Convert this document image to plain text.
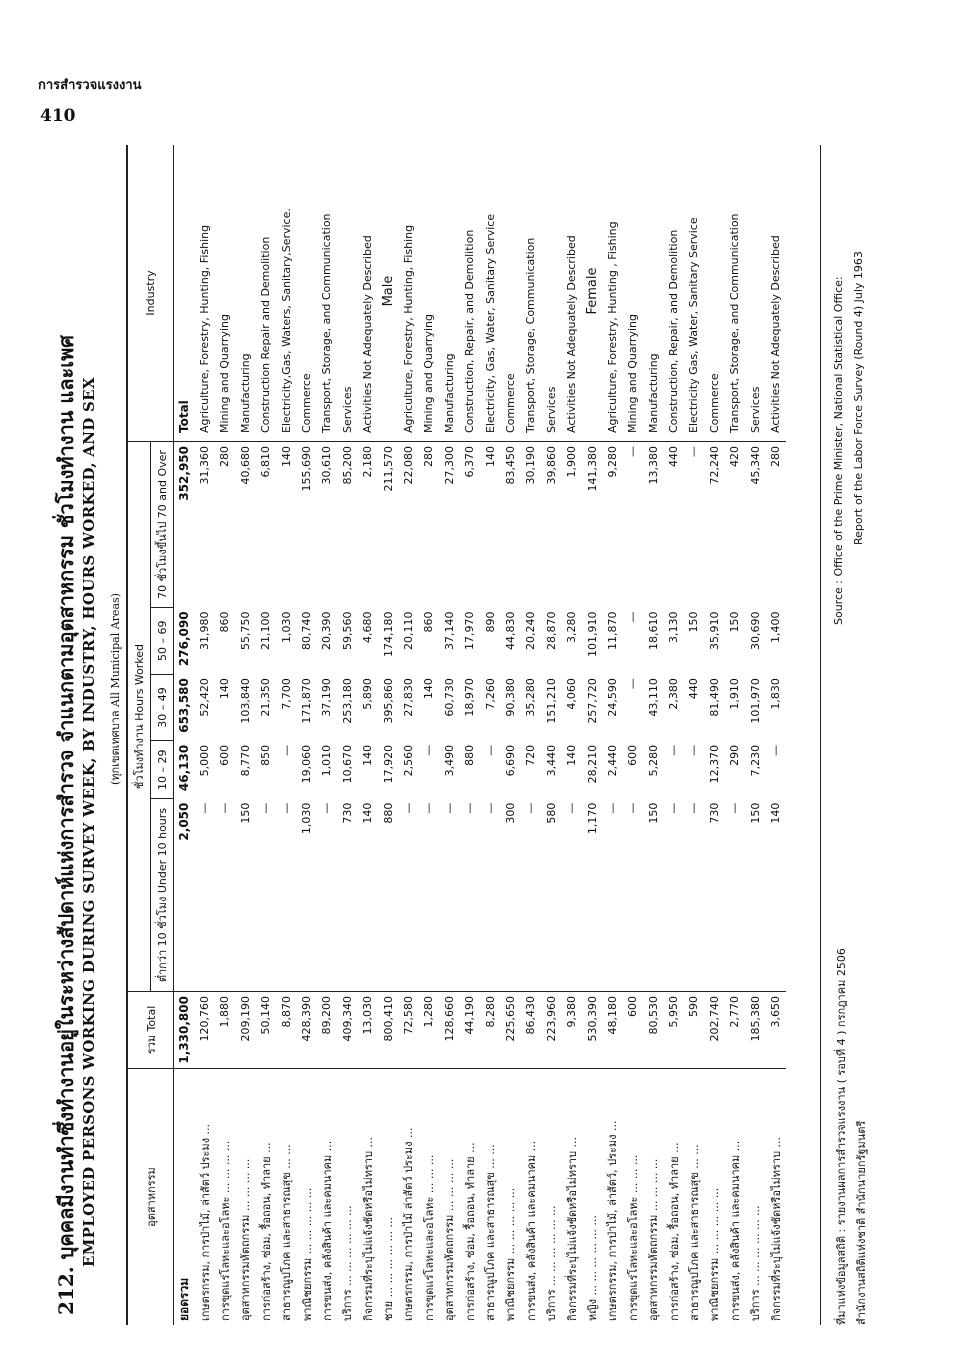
การสำรวจแรงงาน
410
212. บุคคลมีงานทำซึ่งทำงานอยู่ในระหว่างสัปดาห์แห่งการสำรวจ จำแนกตามอุตสาหกรรม ชั่วโมงทำงาน และเพศ EMPLOYED PERSONS WORKING DURING SURVEY WEEK, BY INDUSTRY, HOURS WORKED, AND SEX (ทุกเขตเทศบาล All Municipal Areas)
อุตสาหกรรม	รวม Total	ชั่วโมงทำงาน Hours Worked					Industry
		ต่ำกว่า 10 ชั่วโมง Under 10 hours	10 – 29	30 – 49	50 – 69	70 ชั่วโมงขึ้นไป 70 and Over	
ยอดรวม	1,330,800	2,050	46,130	653,580	276,090	352,950	Total
เกษตรกรรม, การป่าไม้, ล่าสัตว์ ประมง ...	120,760	—	5,000	52,420	31,980	31,360	Agriculture, Forestry, Hunting, Fishing
การขุดแร่โลหะและอโลหะ ... ... ... ...	1,880	—	600	140	860	280	Mining and Quarrying
อุตสาหกรรมหัตถกรรม ... ... ... ...	209,190	150	8,770	103,840	55,750	40,680	Manufacturing
การก่อสร้าง, ซ่อม, รื้อถอน, ทำลาย ...	50,140	—	850	21,350	21,100	6,810	Construction Repair and Demolition
สาธารณูปโภค และสาธารณสุข ... ...	8,870	—	—	7,700	1,030	140	Electricity,Gas, Waters, Sanitary,Service.
พาณิชยกรรม ... ... ... ... ...	428,390	1,030	19,060	171,870	80,740	155,690	Commerce
การขนส่ง, คลังสินค้า และคมนาคม ...	89,200	—	1,010	37,190	20,390	30,610	Transport, Storage, and Communication
บริการ ... ... ... ... ... ...	409,340	730	10,670	253,180	59,560	85,200	Services
กิจกรรมที่ระบุไม่แจ้งชัดหรือไม่ทราบ ...	13,030	140	140	5,890	4,680	2,180	Activities Not Adequately Described
ชาย ... ... ... ... ... ...	800,410	880	17,920	395,860	174,180	211,570	Male
เกษตรกรรม, การป่าไม้ ล่าสัตว์ ประมง ...	72,580	—	2,560	27,830	20,110	22,080	Agriculture, Forestry, Hunting, Fishing
การขุดแร่โลหะและอโลหะ ... ... ...	1,280	—	—	140	860	280	Mining and Quarrying
อุตสาหกรรมหัตถกรรม ... ... ... ...	128,660	—	3,490	60,730	37,140	27,300	Manufacturing
การก่อสร้าง, ซ่อม, รื้อถอน, ทำลาย ...	44,190	—	880	18,970	17,970	6,370	Construction, Repair, and Demolition
สาธารณูปโภค และสาธารณสุข ... ...	8,280	—	—	7,260	890	140	Electricity, Gas, Water, Sanitary Service
พาณิชยกรรม ... ... ... ... ...	225,650	300	6,690	90,380	44,830	83,450	Commerce
การขนส่ง, คลังสินค้า และคมนาคม ...	86,430	—	720	35,280	20,240	30,190	Transport, Storage, Communication
บริการ ... ... ... ... ... ...	223,960	580	3,440	151,210	28,870	39,860	Services
กิจกรรมที่ระบุไม่แจ้งชัดหรือไม่ทราบ ...	9,380	—	140	4,060	3,280	1,900	Activities Not Adequately Described
หญิง ... ... ... ... ... ...	530,390	1,170	28,210	257,720	101,910	141,380	Female
เกษตรกรรม, การป่าไม้, ล่าสัตว์, ประมง ...	48,180	—	2,440	24,590	11,870	9,280	Agriculture, Forestry, Hunting , Fishing
การขุดแร่โลหะและอโลหะ ... ... ...	600	—	600	—	—	—	Mining and Quarrying
อุตสาหกรรมหัตถกรรม ... ... ... ...	80,530	150	5,280	43,110	18,610	13,380	Manufacturing
การก่อสร้าง, ซ่อม, รื้อถอน, ทำลาย ...	5,950	—	—	2,380	3,130	440	Construction, Repair, and Demolition
สาธารณูปโภค และสาธารณสุข ... ...	590	—	—	440	150	—	Electricity Gas, Water, Sanitary Service
พาณิชยกรรม ... ... ... ... ...	202,740	730	12,370	81,490	35,910	72,240	Commerce
การขนส่ง, คลังสินค้า และคมนาคม ...	2,770	—	290	1,910	150	420	Transport, Storage, and Communication
บริการ ... ... ... ... ... ...	185,380	150	7,230	101,970	30,690	45,340	Services
กิจกรรมที่ระบุไม่แจ้งชัดหรือไม่ทราบ ...	3,650	140	—	1,830	1,400	280	Activities Not Adequately Described
ที่มาแห่งข้อมูลสถิติ : รายงานผลการสำรวจแรงงาน ( รอบที่ 4 ) กรกฎาคม 2506
Source : Office of the Prime Minister, National Statistical Office:
สำนักงานสถิติแห่งชาติ สำนักนายกรัฐมนตรี
Report of the Labor Force Survey (Round 4) July 1963
